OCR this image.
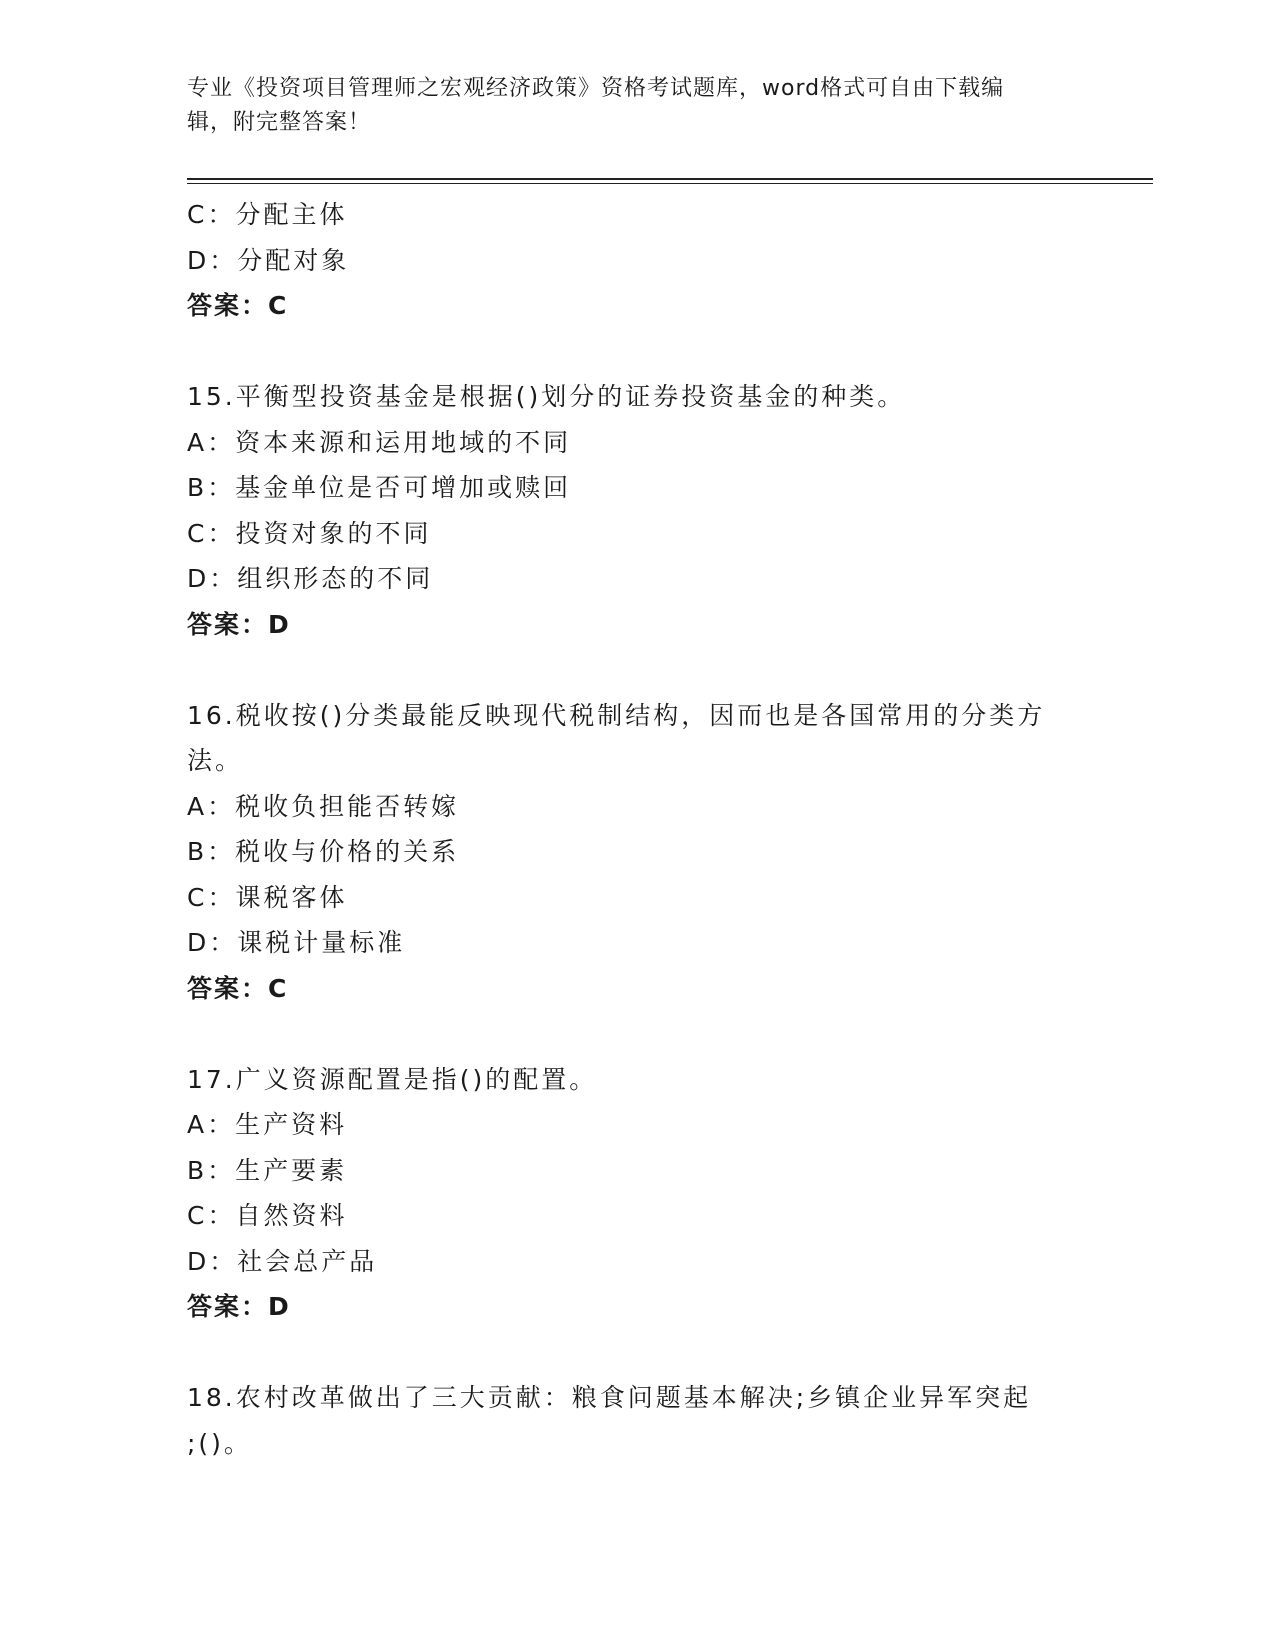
专业《投资项目管理师之宏观经济政策》资格考试题库，word格式可自由下载编
辑，附完整答案！
C：分配主体
D：分配对象
答案：C
15.平衡型投资基金是根据()划分的证券投资基金的种类。
A：资本来源和运用地域的不同
B：基金单位是否可增加或赎回
C：投资对象的不同
D：组织形态的不同
答案：D
16.税收按()分类最能反映现代税制结构，因而也是各国常用的分类方
法。
A：税收负担能否转嫁
B：税收与价格的关系
C：课税客体
D：课税计量标准
答案：C
17.广义资源配置是指()的配置。
A：生产资料
B：生产要素
C：自然资料
D：社会总产品
答案：D
18.农村改革做出了三大贡献：粮食问题基本解决;乡镇企业异军突起
;()。
